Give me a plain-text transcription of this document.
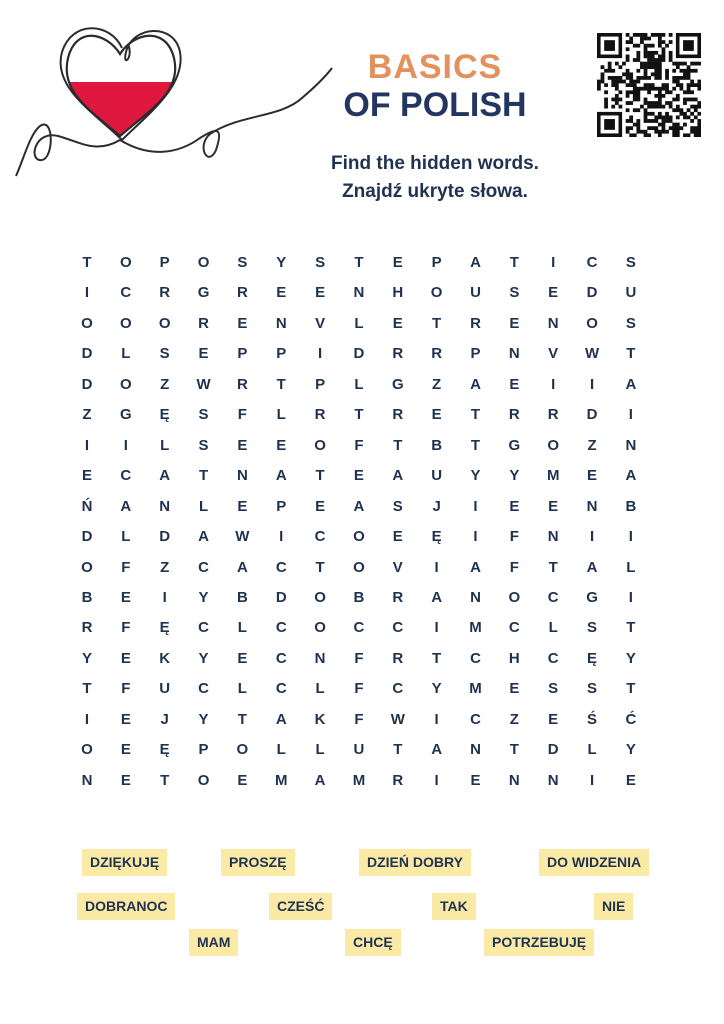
BASICS
OF POLISH
Find the hidden words.
Znajdź ukryte słowa.
T	O	P	O	S	Y	S	T	E	P	A	T	I	C	S
I	C	R	G	R	E	E	N	H	O	U	S	E	D	U
O	O	O	R	E	N	V	L	E	T	R	E	N	O	S
D	L	S	E	P	P	I	D	R	R	P	N	V	W	T
D	O	Z	W	R	T	P	L	G	Z	A	E	I	I	A
Z	G	Ę	S	F	L	R	T	R	E	T	R	R	D	I
I	I	L	S	E	E	O	F	T	B	T	G	O	Z	N
E	C	A	T	N	A	T	E	A	U	Y	Y	M	E	A
Ń	A	N	L	E	P	E	A	S	J	I	E	E	N	B
D	L	D	A	W	I	C	O	E	Ę	I	F	N	I	I
O	F	Z	C	A	C	T	O	V	I	A	F	T	A	L
B	E	I	Y	B	D	O	B	R	A	N	O	C	G	I
R	F	Ę	C	L	C	O	C	C	I	M	C	L	S	T
Y	E	K	Y	E	C	N	F	R	T	C	H	C	Ę	Y
T	F	U	C	L	C	L	F	C	Y	M	E	S	S	T
I	E	J	Y	T	A	K	F	W	I	C	Z	E	Ś	Ć
O	E	Ę	P	O	L	L	U	T	A	N	T	D	L	Y
N	E	T	O	E	M	A	M	R	I	E	N	N	I	E
DZIĘKUJĘ	PROSZĘ	DZIEŃ DOBRY	DO WIDZENIA
DOBRANOC	CZEŚĆ	TAK	NIE
MAM	CHCĘ	POTRZEBUJĘ
